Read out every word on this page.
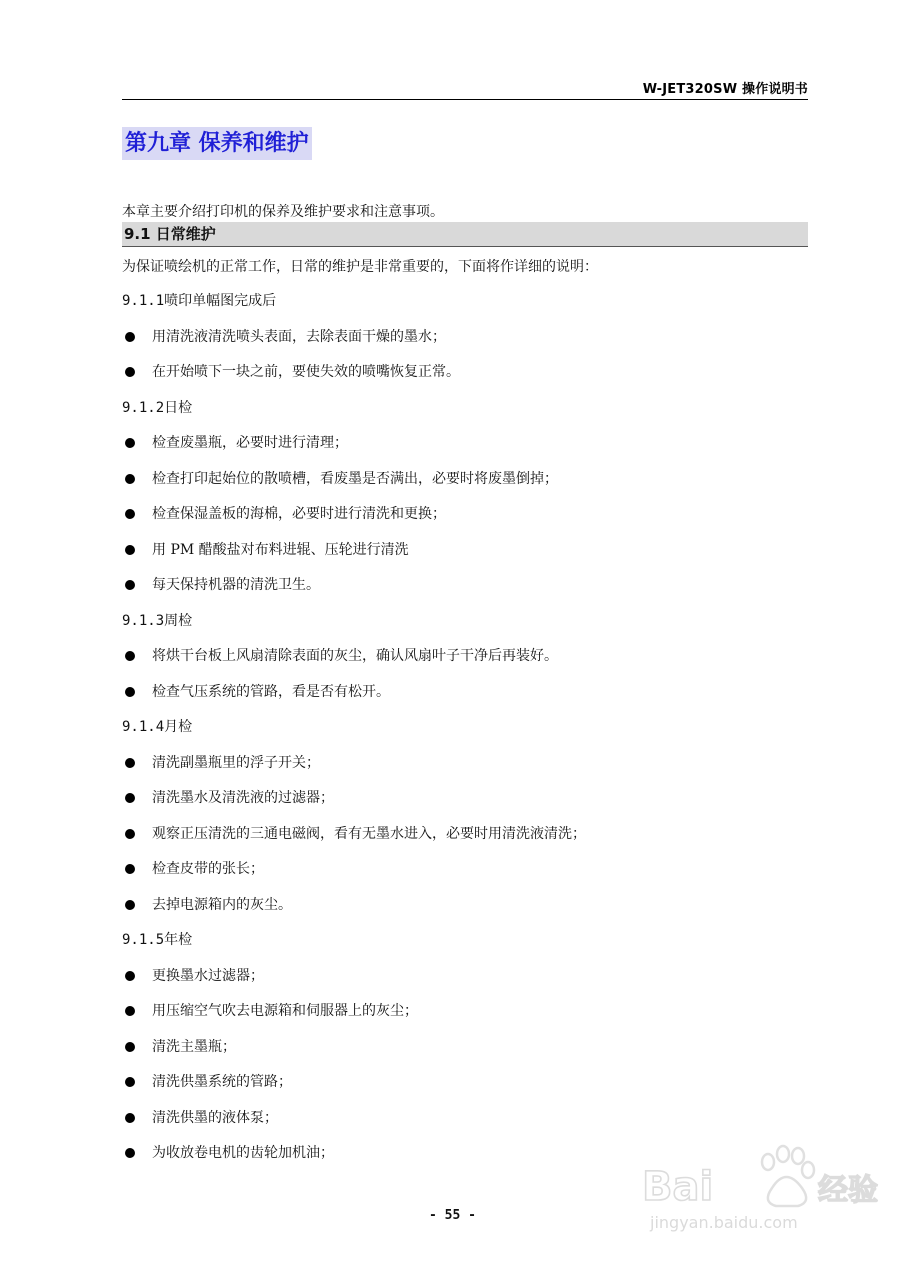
W-JET320SW 操作说明书
第九章 保养和维护
本章主要介绍打印机的保养及维护要求和注意事项。
9.1 日常维护
为保证喷绘机的正常工作，日常的维护是非常重要的，下面将作详细的说明：
9.1.1喷印单幅图完成后
用清洗液清洗喷头表面，去除表面干燥的墨水；
在开始喷下一块之前，要使失效的喷嘴恢复正常。
9.1.2日检
检查废墨瓶，必要时进行清理；
检查打印起始位的散喷槽，看废墨是否满出，必要时将废墨倒掉；
检查保湿盖板的海棉，必要时进行清洗和更换；
用 PM 醋酸盐对布料进辊、压轮进行清洗
每天保持机器的清洗卫生。
9.1.3周检
将烘干台板上风扇清除表面的灰尘，确认风扇叶子干净后再装好。
检查气压系统的管路，看是否有松开。
9.1.4月检
清洗副墨瓶里的浮子开关；
清洗墨水及清洗液的过滤器；
观察正压清洗的三通电磁阀，看有无墨水进入，必要时用清洗液清洗；
检查皮带的张长；
去掉电源箱内的灰尘。
9.1.5年检
更换墨水过滤器；
用压缩空气吹去电源箱和伺服器上的灰尘；
清洗主墨瓶；
清洗供墨系统的管路；
清洗供墨的液体泵；
为收放卷电机的齿轮加机油；
- 55 -
Bai	经验
jingyan.baidu.com
